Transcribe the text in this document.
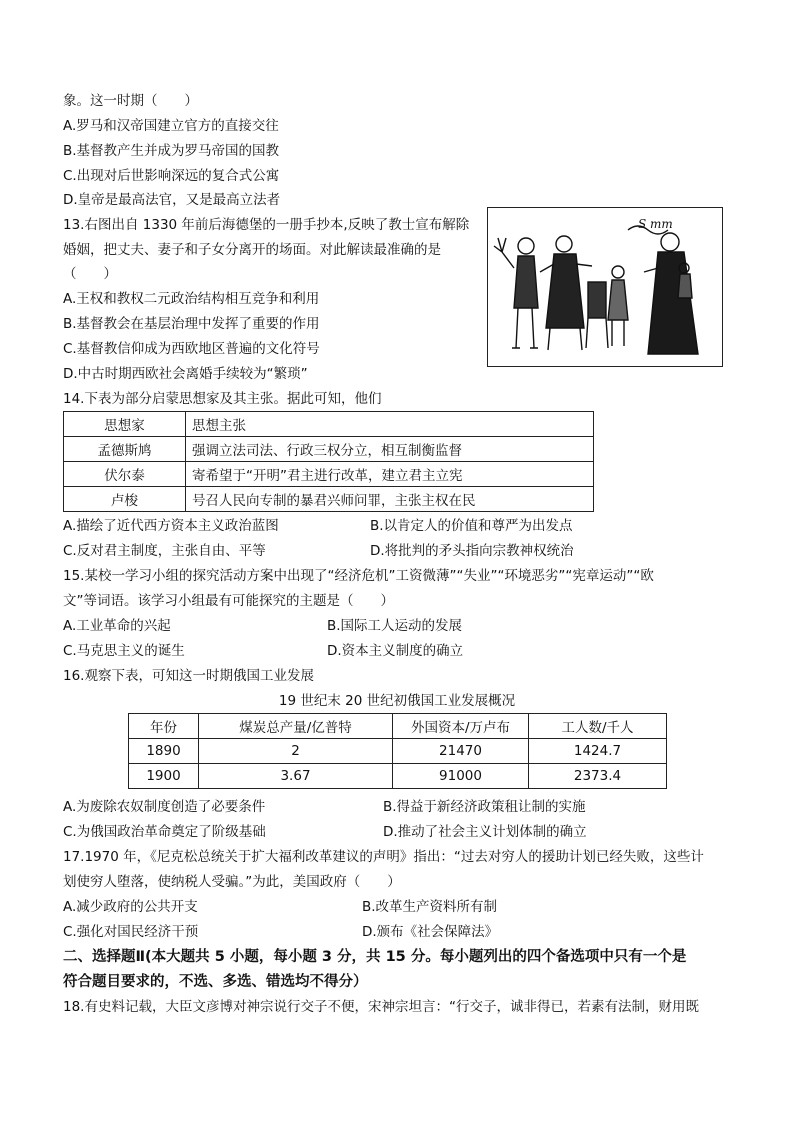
象。这一时期（　　）
A.罗马和汉帝国建立官方的直接交往
B.基督教产生并成为罗马帝国的国教
C.出现对后世影响深远的复合式公寓
D.皇帝是最高法官，又是最高立法者
13.右图出自 1330 年前后海德堡的一册手抄本,反映了教士宣布解除
婚姻，把丈夫、妻子和子女分离开的场面。对此解读最准确的是
（　　）
A.王权和教权二元政治结构相互竞争和利用
B.基督教会在基层治理中发挥了重要的作用
C.基督教信仰成为西欧地区普遍的文化符号
D.中古时期西欧社会离婚手续较为“繁琐”
S mm
14.下表为部分启蒙思想家及其主张。据此可知，他们
思想家	思想主张
孟德斯鸠	强调立法司法、行政三权分立，相互制衡监督
伏尔泰	寄希望于“开明”君主进行改革，建立君主立宪
卢梭	号召人民向专制的暴君兴师问罪，主张主权在民
A.描绘了近代西方资本主义政治蓝图	B.以肯定人的价值和尊严为出发点
C.反对君主制度，主张自由、平等	D.将批判的矛头指向宗教神权统治
15.某校一学习小组的探究活动方案中出现了“经济危机”工资微薄”“失业”“环境恶劣”“宪章运动”“欧
文”等词语。该学习小组最有可能探究的主题是（　　）
A.工业革命的兴起	B.国际工人运动的发展
C.马克思主义的诞生	D.资本主义制度的确立
16.观察下表，可知这一时期俄国工业发展
19 世纪末 20 世纪初俄国工业发展概况
年份	煤炭总产量/亿普特	外国资本/万卢布	工人数/千人
1890	2	21470	1424.7
1900	3.67	91000	2373.4
A.为废除农奴制度创造了必要条件	B.得益于新经济政策租让制的实施
C.为俄国政治革命奠定了阶级基础	D.推动了社会主义计划体制的确立
17.1970 年，《尼克松总统关于扩大福利改革建议的声明》指出：“过去对穷人的援助计划已经失败，这些计
划使穷人堕落，使纳税人受骗。”为此，美国政府（　　）
A.减少政府的公共开支	B.改革生产资料所有制
C.强化对国民经济干预	D.颁布《社会保障法》
二、选择题Ⅱ(本大题共 5 小题，每小题 3 分，共 15 分。每小题列出的四个备选项中只有一个是
符合题目要求的，不选、多选、错选均不得分）
18.有史料记载，大臣文彦博对神宗说行交子不便，宋神宗坦言：“行交子，诚非得已，若素有法制，财用既
